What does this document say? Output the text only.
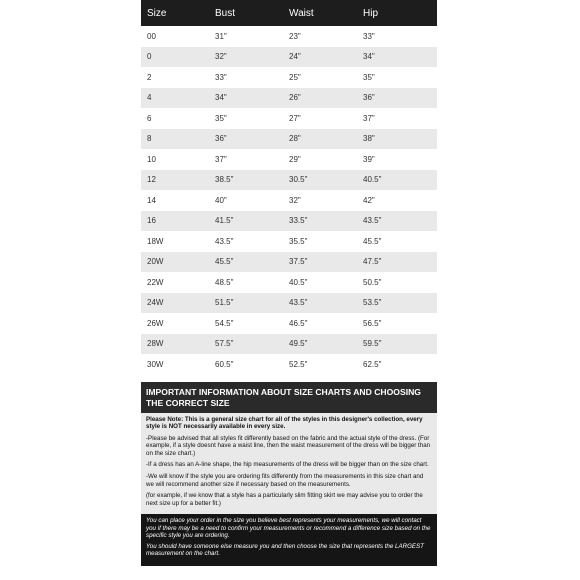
Size	Bust	Waist	Hip
00	31"	23"	33"
0	32"	24"	34"
2	33"	25"	35"
4	34"	26"	36"
6	35"	27"	37"
8	36"	28"	38"
10	37"	29"	39"
12	38.5"	30.5"	40.5"
14	40"	32"	42"
16	41.5"	33.5"	43.5"
18W	43.5"	35.5"	45.5"
20W	45.5"	37.5"	47.5"
22W	48.5"	40.5"	50.5"
24W	51.5"	43.5"	53.5"
26W	54.5"	46.5"	56.5"
28W	57.5"	49.5"	59.5"
30W	60.5"	52.5"	62.5"
IMPORTANT INFORMATION ABOUT SIZE CHARTS AND CHOOSING THE CORRECT SIZE

Please Note: This is a general size chart for all of the styles in this designer's collection, every style is NOT necessarily available in every size.

-Please be advised that all styles fit differently based on the fabric and the actual style of the dress. (For example, if a style doesnt have a waist line, then the waist measurement of the dress will be bigger than on the size chart.)

-If a dress has an A-line shape, the hip measurements of the dress will be bigger than on the size chart.

-We will know if the style you are ordering fits differently from the measurements in this size chart and we will recommend another size if necessary based on the measurements.

(for example, if we know that a style has a particularly slim fitting skirt we may advise you to order the next size up for a better fit.)

You can place your order in the size you believe best represents your measurements, we will contact you if there may be a need to confirm your measurements or recommend a difference size based on the specific style you are ordering.

You should have someone else measure you and then choose the size that represents the LARGEST measurement on the chart.
